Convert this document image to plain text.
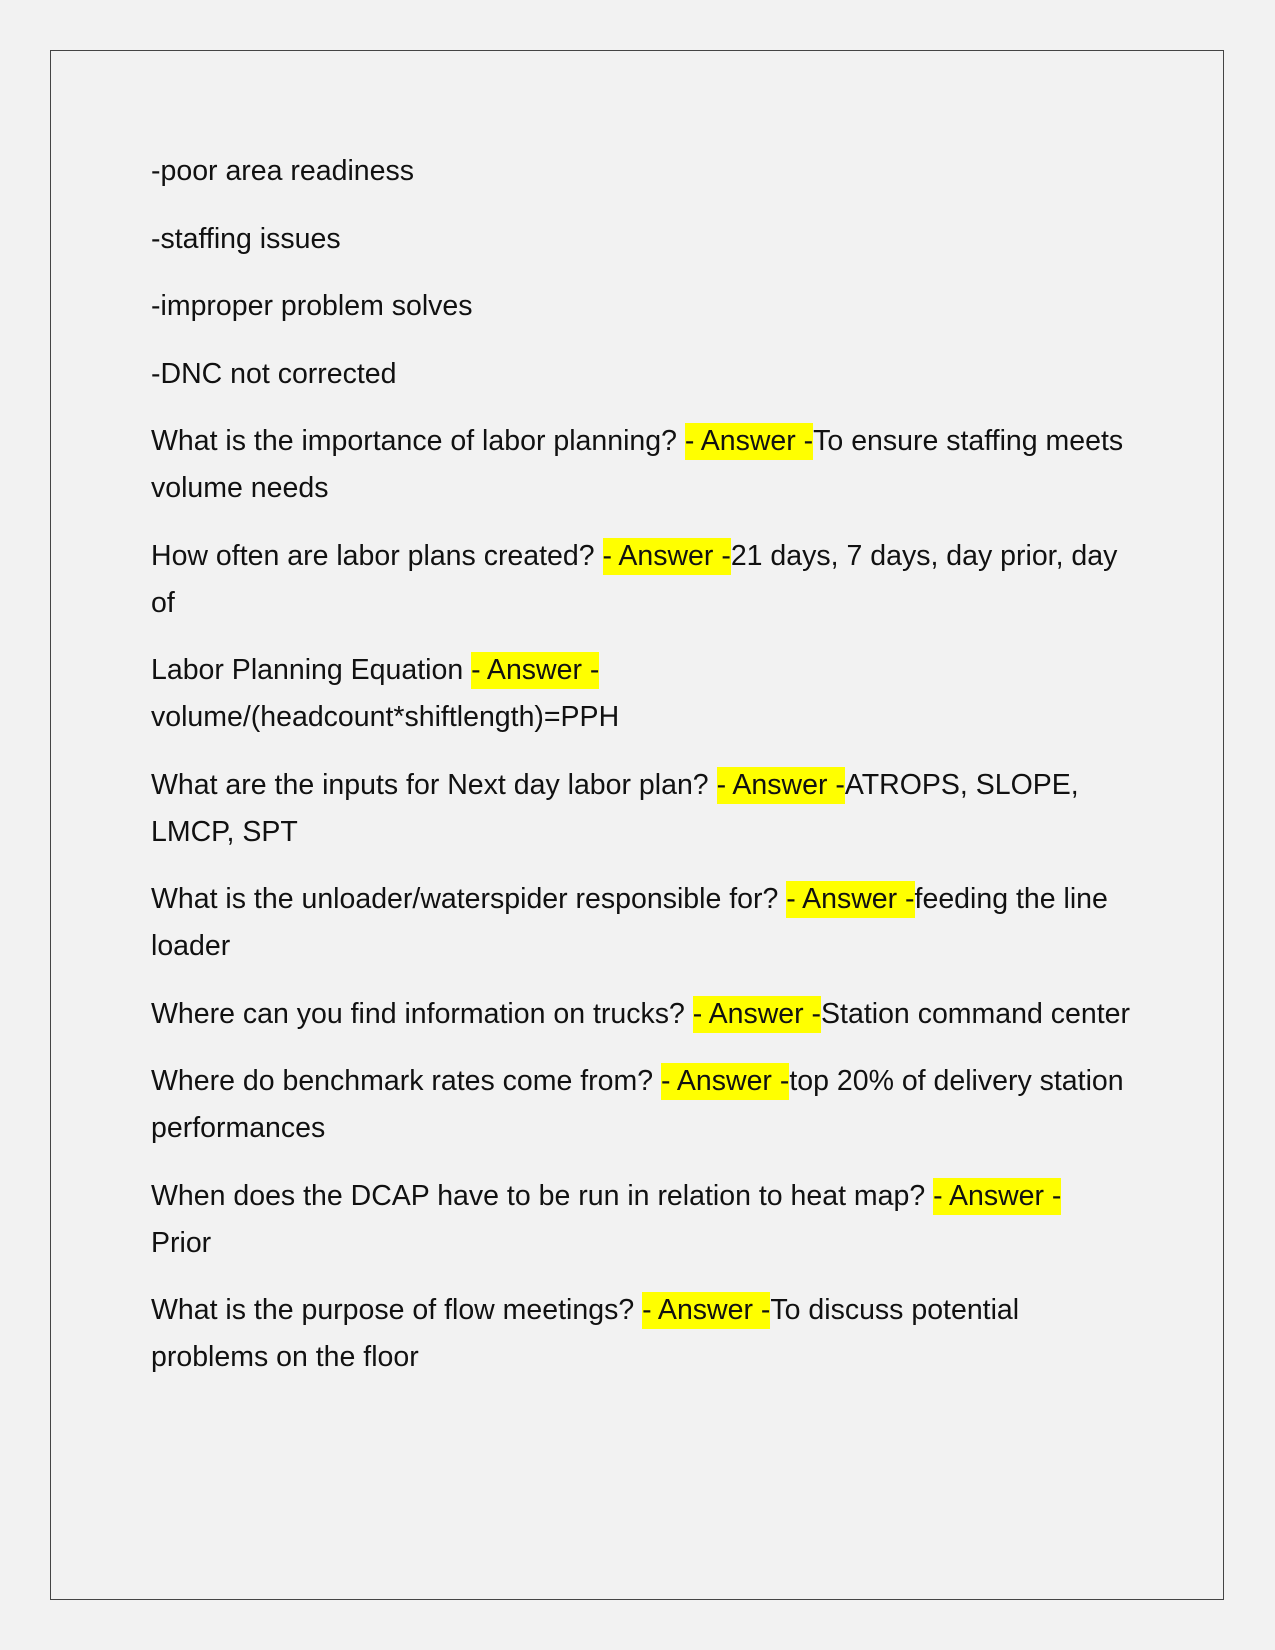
-poor area readiness
-staffing issues
-improper problem solves
-DNC not corrected
What is the importance of labor planning? - Answer -To ensure staffing meets volume needs
How often are labor plans created? - Answer -21 days, 7 days, day prior, day of
Labor Planning Equation - Answer -
volume/(headcount*shiftlength)=PPH
What are the inputs for Next day labor plan? - Answer -ATROPS, SLOPE, LMCP, SPT
What is the unloader/waterspider responsible for? - Answer -feeding the line loader
Where can you find information on trucks? - Answer -Station command center
Where do benchmark rates come from? - Answer -top 20% of delivery station performances
When does the DCAP have to be run in relation to heat map? - Answer -
Prior
What is the purpose of flow meetings? - Answer -To discuss potential problems on the floor
